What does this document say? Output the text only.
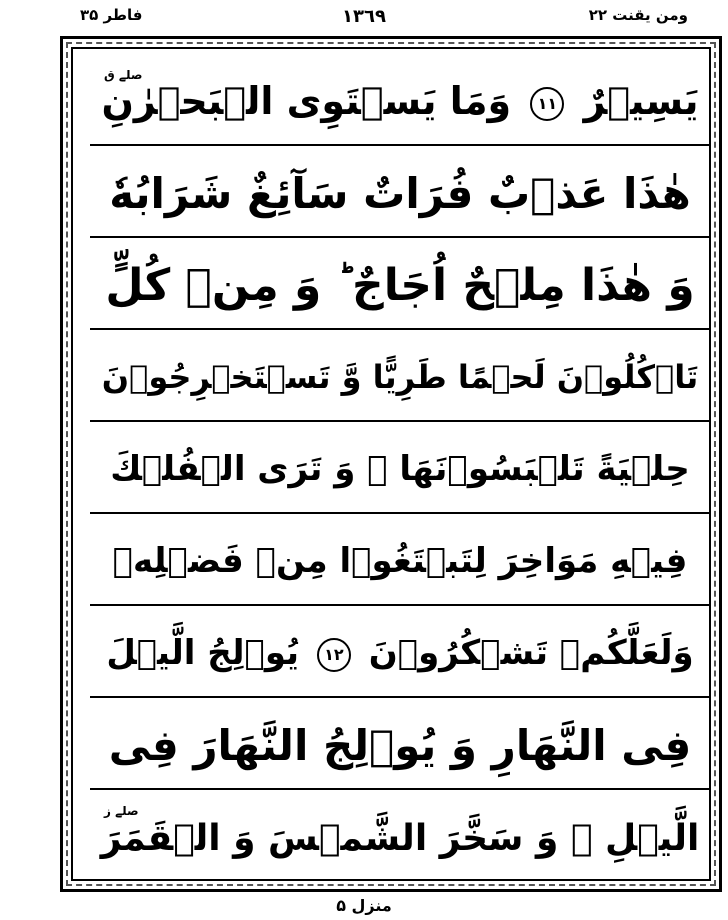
فاطر ۳۵	١٣٦٩	ومن یقنت ۲۲
یَسِیۡرٌ ١١ وَمَا یَسۡتَوِی الۡبَحۡرٰنِ
صلے ق
هٰذَا عَذۡبٌ فُرَاتٌ سَآئِغٌ شَرَابُهٗ
وَ هٰذَا مِلۡحٌ اُجَاجٌ ؕ وَ مِنۡ کُلٍّ
تَاۡکُلُوۡنَ لَحۡمًا طَرِیًّا وَّ تَسۡتَخۡرِجُوۡنَ
حِلۡیَةً تَلۡبَسُوۡنَهَا ۚ وَ تَرَی الۡفُلۡكَ
فِیۡهِ مَوَاخِرَ لِتَبۡتَغُوۡا مِنۡ فَضۡلِهٖ
وَلَعَلَّکُمۡ تَشۡکُرُوۡنَ ١٢ یُوۡلِجُ الَّیۡلَ
فِی النَّهَارِ وَ یُوۡلِجُ النَّهَارَ فِی
الَّیۡلِ ۙ وَ سَخَّرَ الشَّمۡسَ وَ الۡقَمَرَ
صلے ز
منزل ۵
